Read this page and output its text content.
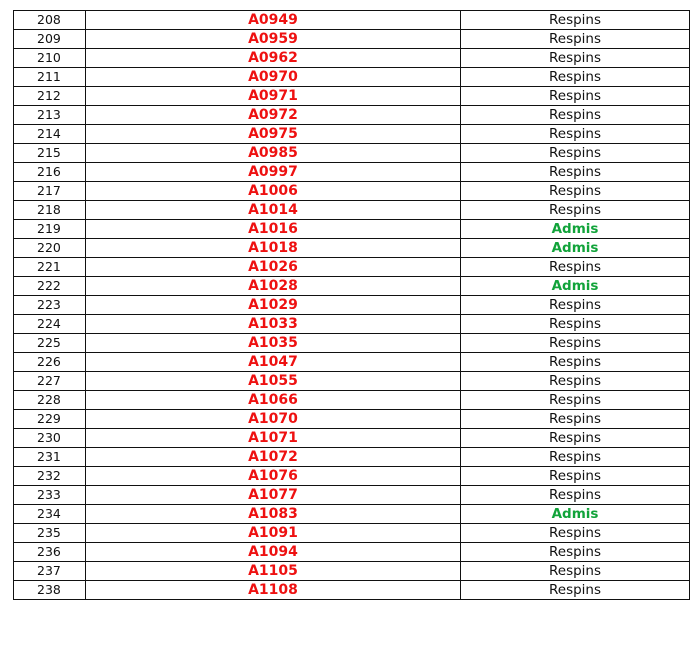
208	A0949	Respins
209	A0959	Respins
210	A0962	Respins
211	A0970	Respins
212	A0971	Respins
213	A0972	Respins
214	A0975	Respins
215	A0985	Respins
216	A0997	Respins
217	A1006	Respins
218	A1014	Respins
219	A1016	Admis
220	A1018	Admis
221	A1026	Respins
222	A1028	Admis
223	A1029	Respins
224	A1033	Respins
225	A1035	Respins
226	A1047	Respins
227	A1055	Respins
228	A1066	Respins
229	A1070	Respins
230	A1071	Respins
231	A1072	Respins
232	A1076	Respins
233	A1077	Respins
234	A1083	Admis
235	A1091	Respins
236	A1094	Respins
237	A1105	Respins
238	A1108	Respins
